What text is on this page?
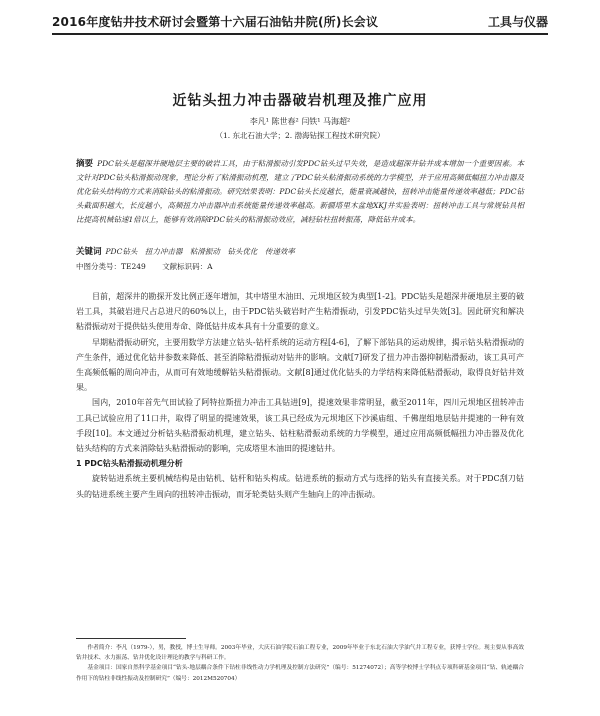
2016年度钻井技术研讨会暨第十六届石油钻井院(所)长会议	工具与仪器
近钻头扭力冲击器破岩机理及推广应用
李凡¹ 陈世春² 闫铁¹ 马海超²
（1. 东北石油大学；2. 渤海钻探工程技术研究院）
摘要 PDC钻头是超深井硬地层主要的破岩工具，由于粘滑振动引发PDC钻头过早失效，是造成超深井钻井成本增加一个重要因素。本文针对PDC钻头粘滑振动现象，理论分析了粘滑振动机理，建立了PDC钻头粘滑振动系统的力学模型，并于应用高频低幅扭力冲击器及优化钻头结构的方式来消除钻头的粘滑振动。研究结果表明：PDC钻头长度越长，能量衰减越快，扭转冲击能量传递效率越低；PDC钻头截面积越大，长度越小，高频扭力冲击器冲击系统能量传递效率越高。新疆塔里木盆地XKJ井实验表明：扭转冲击工具与常规钻具相比提高机械钻速1倍以上，能够有效消除PDC钻头的粘滑振动效应，减轻钻柱扭转振荡，降低钻井成本。
关键词 PDC钻头　扭力冲击器　粘滑振动　钻头优化　传递效率
中图分类号：TE249 文献标识码：A

目前，超深井的勘探开发比例正逐年增加，其中塔里木油田、元坝地区较为典型[1-2]。PDC钻头是超深井硬地层主要的破岩工具，其破岩进尺占总进尺的60%以上，由于PDC钻头破岩时产生粘滑振动，引发PDC钻头过早失效[3]。因此研究和解决粘滑振动对于提供钻头使用寿命、降低钻井成本具有十分重要的意义。

早期粘滑振动研究，主要用数学方法建立钻头-钻杆系统的运动方程[4-6]，了解下部钻具的运动规律，揭示钻头粘滑振动的产生条件，通过优化钻井参数来降低、甚至消除粘滑振动对钻井的影响。文献[7]研发了扭力冲击器抑制粘滑振动，该工具可产生高频低幅的周向冲击，从而可有效地缓解钻头粘滑振动。文献[8]通过优化钻头的力学结构来降低粘滑振动，取得良好钻井效果。

国内，2010年首先气田试验了阿特拉斯扭力冲击工具钻进[9]，提速效果非常明显，截至2011年，四川元坝地区扭转冲击工具已试验应用了11口井，取得了明显的提速效果，该工具已经成为元坝地区下沙溪庙组、千佛崖组地层钻井提速的一种有效手段[10]。本文通过分析钻头粘滑振动机理，建立钻头、钻柱粘滑振动系统的力学模型，通过应用高频低幅扭力冲击器及优化钻头结构的方式来消除钻头粘滑振动的影响，完成塔里木油田的提速钻井。

1 PDC钻头粘滑振动机理分析

旋转钻进系统主要机械结构是由钻机、钻杆和钻头构成。钻进系统的振动方式与选择的钻头有直接关系。对于PDC刮刀钻头的钻进系统主要产生周向的扭转冲击振动，而牙轮类钻头则产生轴向上的冲击振动。

作者简介：李凡（1979-），男，教授，博士生导师。2003年毕业，大庆石油学院石油工程专业，2009年毕业于东北石油大学油气井工程专业，获博士学位。现主要从事高效钻井技术、水力振荡、钻井优化设计理论的教学与科研工作。

基金项目：国家自然科学基金项目“钻头-地层耦合条件下钻柱非线性动力学机理及控制方法研究”（编号：51274072）；高等学校博士学科点专项科研基金项目“钻、轨迹耦合作用下的钻柱非线性振动及控制研究”（编号：2012M520704）
